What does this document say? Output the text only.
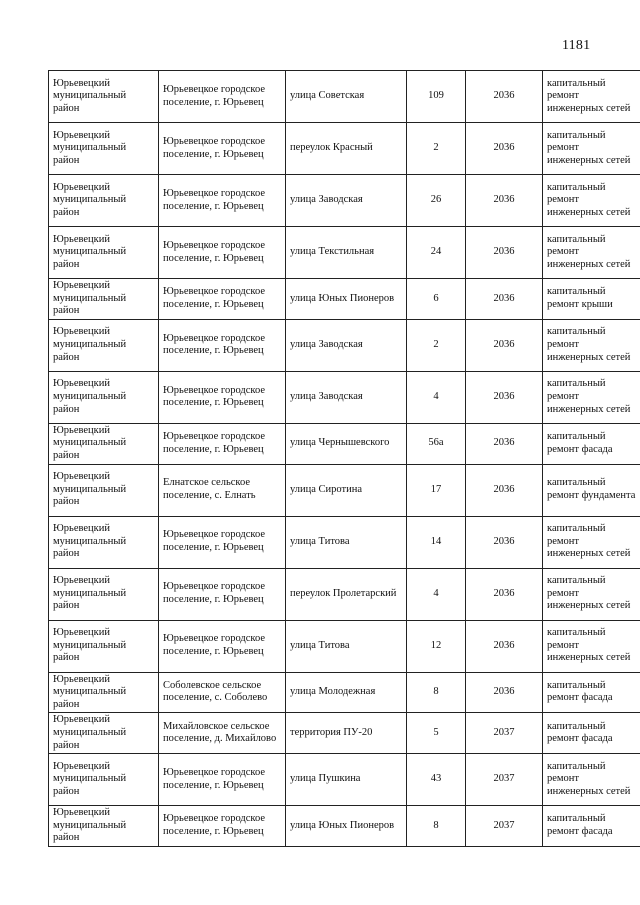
1181
Юрьевецкий муниципальный район	Юрьевецкое городское поселение, г. Юрьевец	улица Советская	109	2036	капитальный ремонт инженерных сетей
Юрьевецкий муниципальный район	Юрьевецкое городское поселение, г. Юрьевец	переулок Красный	2	2036	капитальный ремонт инженерных сетей
Юрьевецкий муниципальный район	Юрьевецкое городское поселение, г. Юрьевец	улица Заводская	26	2036	капитальный ремонт инженерных сетей
Юрьевецкий муниципальный район	Юрьевецкое городское поселение, г. Юрьевец	улица Текстильная	24	2036	капитальный ремонт инженерных сетей
Юрьевецкий муниципальный район	Юрьевецкое городское поселение, г. Юрьевец	улица Юных Пионеров	6	2036	капитальный ремонт крыши
Юрьевецкий муниципальный район	Юрьевецкое городское поселение, г. Юрьевец	улица Заводская	2	2036	капитальный ремонт инженерных сетей
Юрьевецкий муниципальный район	Юрьевецкое городское поселение, г. Юрьевец	улица Заводская	4	2036	капитальный ремонт инженерных сетей
Юрьевецкий муниципальный район	Юрьевецкое городское поселение, г. Юрьевец	улица Чернышевского	56а	2036	капитальный ремонт фасада
Юрьевецкий муниципальный район	Елнатское сельское поселение, с. Елнать	улица Сиротина	17	2036	капитальный ремонт фундамента
Юрьевецкий муниципальный район	Юрьевецкое городское поселение, г. Юрьевец	улица Титова	14	2036	капитальный ремонт инженерных сетей
Юрьевецкий муниципальный район	Юрьевецкое городское поселение, г. Юрьевец	переулок Пролетарский	4	2036	капитальный ремонт инженерных сетей
Юрьевецкий муниципальный район	Юрьевецкое городское поселение, г. Юрьевец	улица Титова	12	2036	капитальный ремонт инженерных сетей
Юрьевецкий муниципальный район	Соболевское сельское поселение, с. Соболево	улица Молодежная	8	2036	капитальный ремонт фасада
Юрьевецкий муниципальный район	Михайловское сельское поселение, д. Михайлово	территория ПУ-20	5	2037	капитальный ремонт фасада
Юрьевецкий муниципальный район	Юрьевецкое городское поселение, г. Юрьевец	улица Пушкина	43	2037	капитальный ремонт инженерных сетей
Юрьевецкий муниципальный район	Юрьевецкое городское поселение, г. Юрьевец	улица Юных Пионеров	8	2037	капитальный ремонт фасада
